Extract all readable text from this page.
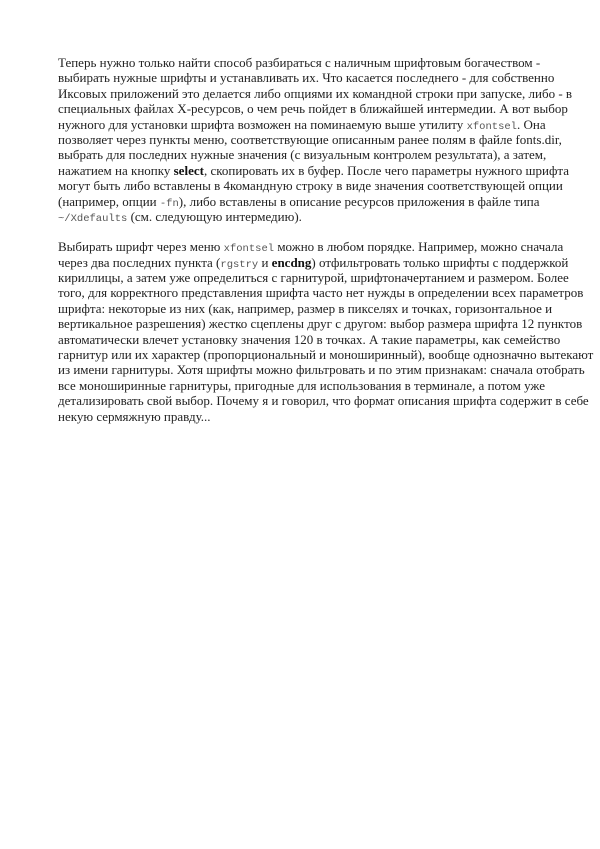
Теперь нужно только найти способ разбираться с наличным шрифтовым богачеством -
выбирать нужные шрифты и устанавливать их. Что касается последнего - для собственно
Иксовых приложений это делается либо опциями их командной строки при запуске, либо - в
специальных файлах X-ресурсов, о чем речь пойдет в ближайшей интермедии. А вот выбор
нужного для установки шрифта возможен на поминаемую выше утилиту xfontsel. Она
позволяет через пункты меню, соответствующие описанным ранее полям в файле fonts.dir,
выбрать для последних нужные значения (с визуальным контролем результата), а затем,
нажатием на кнопку select, скопировать их в буфер. После чего параметры нужного шрифта
могут быть либо вставлены в 4командную строку в виде значения соответствующей опции
(например, опции -fn), либо вставлены в описание ресурсов приложения в файле типа
~/Xdefaults (см. следующую интермедию).
Выбирать шрифт через меню xfontsel можно в любом порядке. Например, можно сначала
через два последних пункта (rgstry и encdng) отфильтровать только шрифты с поддержкой
кириллицы, а затем уже определиться с гарнитурой, шрифтоначертанием и размером. Более
того, для корректного представления шрифта часто нет нужды в определении всех параметров
шрифта: некоторые из них (как, например, размер в пикселях и точках, горизонтальное и
вертикальное разрешения) жестко сцеплены друг с другом: выбор размера шрифта 12 пунктов
автоматически влечет установку значения 120 в точках. А такие параметры, как семейство
гарнитур или их характер (пропорциональный и моноширинный), вообще однозначно вытекают
из имени гарнитуры. Хотя шрифты можно фильтровать и по этим признакам: сначала отобрать
все моноширинные гарнитуры, пригодные для использования в терминале, а потом уже
детализировать свой выбор. Почему я и говорил, что формат описания шрифта содержит в себе
некую сермяжную правду...
